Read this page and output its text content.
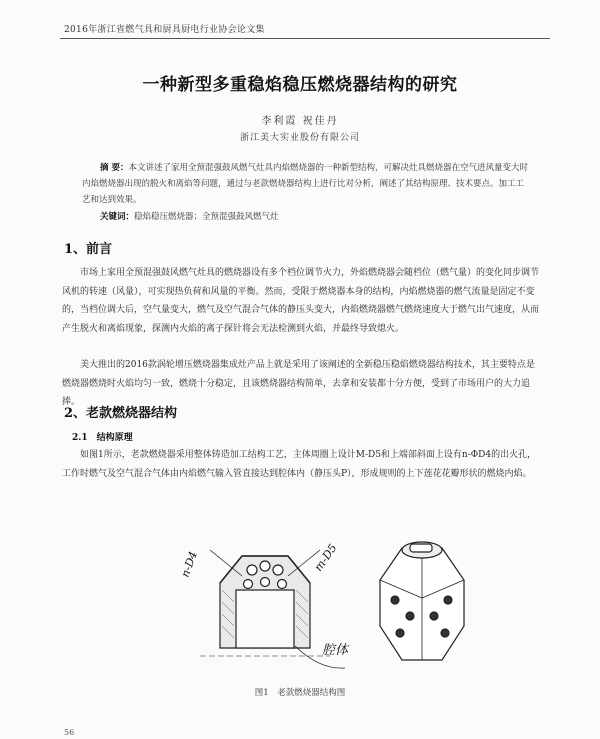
2016年浙江省燃气具和厨具厨电行业协会论文集
一种新型多重稳焰稳压燃烧器结构的研究
李利霞 祝佳丹
浙江美大实业股份有限公司
摘 要：本文讲述了家用全预混强鼓风燃气灶具内焰燃烧器的一种新型结构，可解决灶具燃烧器在空气进风量变大时内焰燃烧器出现的脱火和离焰等问题，通过与老款燃烧器结构上进行比对分析，阐述了其结构原理、技术要点、加工工艺和达到效果。
关键词：稳焰稳压燃烧器；全预混强鼓风燃气灶
1、前言
市场上家用全预混强鼓风燃气灶具的燃烧器设有多个档位调节火力，外焰燃烧器会随档位（燃气量）的变化同步调节风机的转速（风量），可实现热负荷和风量的平衡。然而，受限于燃烧器本身的结构，内焰燃烧器的燃气流量是固定不变的，当档位调大后，空气量变大，燃气及空气混合气体的静压头变大，内焰燃烧器燃气燃烧速度大于燃气出气速度，从而产生脱火和离焰现象，探测内火焰的离子探针将会无法检测到火焰，并最终导致熄火。
美大推出的2016款涡轮增压燃烧器集成灶产品上就是采用了该阐述的全新稳压稳焰燃烧器结构技术，其主要特点是燃烧器燃烧时火焰均匀一致，燃烧十分稳定，且该燃烧器结构简单，去拿和安装都十分方便，受到了市场用户的大力追捧。
2、老款燃烧器结构
2.1　结构原理
如图1所示，老款燃烧器采用整体铸造加工结构工艺，主体周圈上设计M-D5和上端部斜面上设有n-ΦD4的出火孔，工作时燃气及空气混合气体由内焰燃气输入管直接达到腔体内（静压头P），形成规则的上下莲花花瓣形状的燃烧内焰。
n-D4	m-D5
腔体
图1　老款燃烧器结构图
56
